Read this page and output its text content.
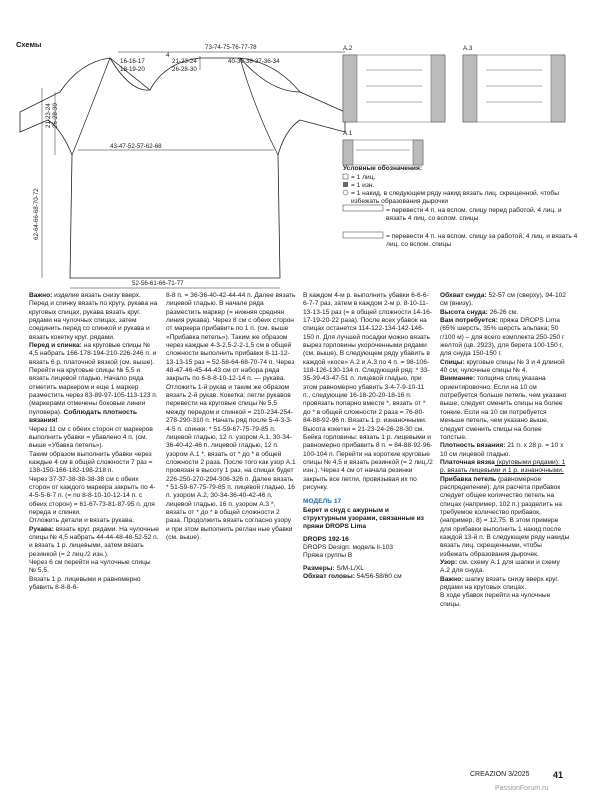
Схемы
16-16-17
18-19-20
4
73-74-75-76-77-78
21-23-24
26-28-30
40-39-38-37-36-34
21-23-24 26-28-30
62-64-66-68-70-72
43-47-52-57-62-68
52-56-61-66-71-77
A.2	A.3
A.1
Условные обозначения:
= 1 лиц.
= 1 изн.
= 1 накид, в следующем ряду накид вязать лиц. скрещенной, чтобы избежать образования дырочки
= перевести 4 п. на вспом. спицу перед работой, 4 лиц. и вязать 4 лиц. со вспом. спицы
= перевести 4 п. на вспом. спицу за работой, 4 лиц. и вязать 4 лиц. со вспом. спицы

Важно: изделие вязать снизу вверх. Перед и спинку вязать по кругу, рукава на круговых спицах, рукава вязать круг. рядами на чулочных спицах, затем соединить перед со спинкой и рукава и вязать кокетку круг. рядами.

Перед и спинка: на круговые спицы № 4,5 набрать 166-178-194-210-226-246 п. и вязать 6 р. платочной вязкой (см. выше).

Перейти на круговые спицы № 5,5 и вязать лицевой гладью. Начало ряда отметить маркером и еще 1 маркер разместить через 83-89-97-105-113-123 п. (маркерами отмечены боковые линии пуловера). Соблюдать плотность вязания!

Через 11 см с обеих сторон от маркеров выполнить убавки = убавлено 4 п. (см. выше «Убавка петель»).

Таким образом выполнить убавки через каждые 4 см в общей сложности 7 раз = 138-150-166-182-198-218 п.

Через 37-37-38-38-38-38 см с обеих сторон от каждого маркера закрыть по 4-4-5-5-6-7 п. (= по 8-8-10-10-12-14 п. с обеих сторон) = 61-67-73-81-87-95 п. для переда и спинки.

Отложить детали и вязать рукава.

Рукава: вязать круг. рядами. На чулочные спицы № 4,5 набрать 44-44-48-48-52-52 п. и вязать 1 р. лицевыми, затем вязать резинкой (= 2 лиц./2 изн.).

Через 6 см перейти на чулочные спицы № 5,5.

Вязать 1 р. лицевыми и равномерно убавить 8-8-8-6-

8-8 п. = 36-36-40-42-44-44 п. Далее вязать лицевой гладью. В начале ряда разместить маркер (= нижняя средняя линия рукава). Через 8 см с обеих сторон от маркера прибавить по 1 п. (см. выше «Прибавка петель»). Таким же образом через каждые 4-3-2,5-2-2-1,5 см в общей сложности выполнить прибавки 8-11-12-13-13-15 раз = 52-58-64-68-70-74 п. Через 48-47-46-45-44-43 см от набора ряда закрыть по 6-8-8-10-12-14 п. — рукава. Отложить 1-й рукав и таким же образом вязать 2-й рукав. Кокетка: петли рукавов перевести на круговые спицы № 5,5 между передом и спинкой = 210-234-254-278-290-310 п. Начать ряд после 5-4-3-3-4-5 п. спинки: * 51-59-67-75-79-85 п. лицевой гладью, 12 п. узором А.1, 30-34-36-40-42-46 п. лицевой гладью, 12 п. узором А.1 *, вязать от * до * в общей сложности 2 раза. После того как узор А.1 провязан в высоту 1 раз, на спицах будет 226-250-270-294-306-326 п. Далее вязать * 51-59-67-75-79-85 п. лицевой гладью, 16 п. узором А.2, 30-34-36-40-42-46 п. лицевой гладью, 16 п. узором А.3 *, вязать от * до * в общей сложности 2 раза. Продолжить вязать согласно узору и при этом выполнить реглан ные убавки (см. выше).

В каждом 4-м р. выполнить убавки 6-6-6-6-7-7 раз, затем в каждом 2-м р. 8-10-11-13-13-15 раз (= в общей сложности 14-16-17-19-20-22 раза). После всех убавок на спицах останется 114-122-134-142-146-150 п. Для лучшей посадки можно вязать вырез горловины укороченными рядами (см. выше). В следующем ряду убавить в каждой «косе» А.2 и А.3 по 4 п. = 98-106-118-126-130-134 п. Следующий ряд: * 33-35-39-43-47-51 п. лицевой гладью, при этом равномерно убавить 3-4-7-9-10-11 п., следующие 16-18-20-20-18-16 п. провязать попарно вместе *, вязать от * до * в общей сложности 2 раза = 76-80-84-88-92-96 п. Вязать 1 р. изнаночными. Высота кокетки = 21-23-24-26-28-30 см. Бейка горловины: вязать 1 р. лицевыми и равномерно прибавить 8 п. = 84-88-92-96-100-104 п. Перейти на короткие круговые спицы № 4,5 и вязать резинкой (= 2 лиц./2 изн.). Через 4 см от начала резинки закрыть все петли, провязывая их по рисунку.

МОДЕЛЬ 17

Берет и снуд с ажурным и структурным узорами, связанные из пряжи DROPS Lima

DROPS 192-16

DROPS Design: модель li-103

Пряжа группы B

Размеры: S/M-L/XL

Обхват головы: 54/56-58/60 см

Обхват снуда: 52-57 см (сверху), 94-102 см (внизу).

Высота снуда: 26-26 см.

Вам потребуется: пряжа DROPS Lima (65% шерсть, 35% шерсть альпака; 50 г/100 м) – для всего комплекта 250-250 г желтой (цв. 2923), для берета 100-150 г, для снуда 150-150 г.

Спицы: круговые спицы № 3 и 4 длиной 40 см; чулочные спицы № 4.

Внимание: толщина спиц указана ориентировочно. Если на 10 см потребуется больше петель, чем указано выше, следует сменить спицы на более тонкие. Если на 10 см потребуется меньше петель, чем указано выше, следует сменить спицы на более толстые.

Плотность вязания: 21 п. x 28 р. = 10 x 10 см лицевой гладью.

Платочная вязка (круговыми рядами): 1 р. вязать лицевыми и 1 р. изнаночными.

Прибавка петель (равномерное распределение): для расчета прибавок следует общее количество петель на спицах (например, 102 п.) разделить на требуемое количество прибавок, (например, 8) = 12,75. В этом примере для прибавки выполнить 1 накид после каждой 13-й п. В следующем ряду накиды вязать лиц. скрещенными, чтобы избежать образования дырочек.

Узор: см. схему А.1 для шапки и схему А.2 для снуда.

Важно: шапку вязать снизу вверх круг. рядами на круговых спицах.

В ходе убавок перейти на чулочные спицы.

CREAZION 3/2025	41
PassionForum.ru
